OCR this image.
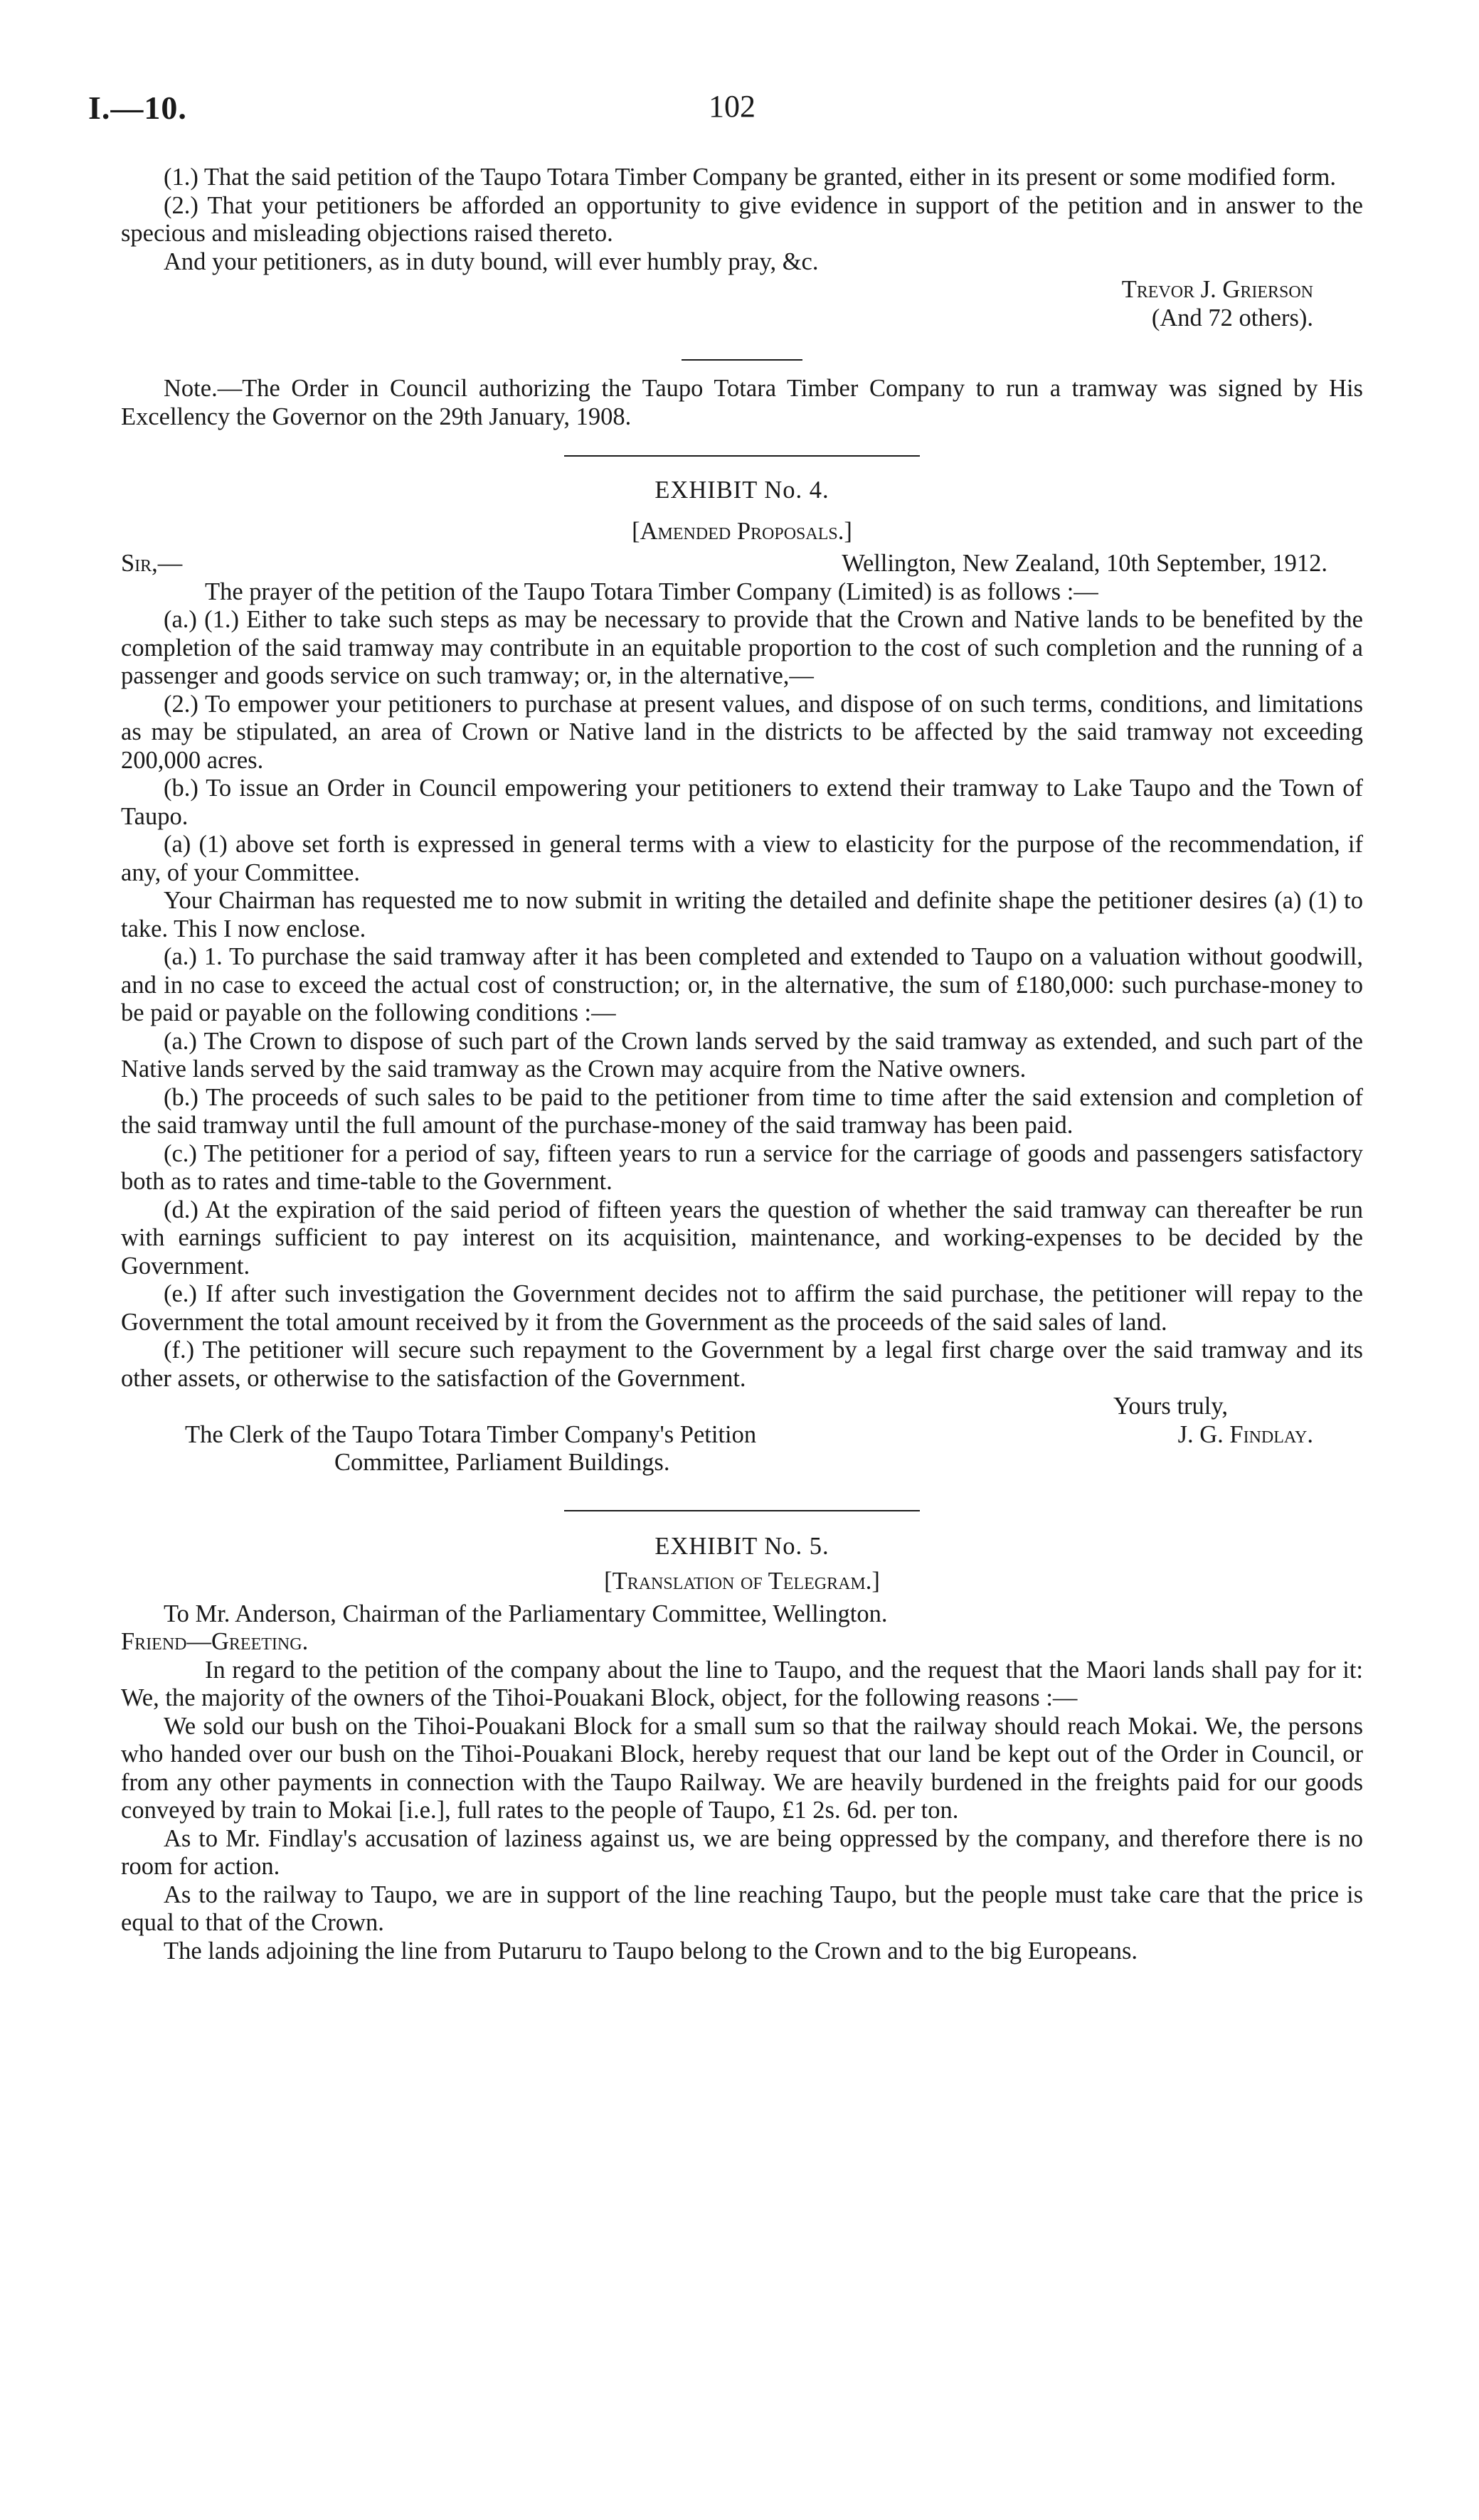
I.—10.	102

(1.) That the said petition of the Taupo Totara Timber Company be granted, either in its present or some modified form.

(2.) That your petitioners be afforded an opportunity to give evidence in support of the petition and in answer to the specious and misleading objections raised thereto.

And your petitioners, as in duty bound, will ever humbly pray, &c.

Trevor J. Grierson

(And 72 others).

Note.—The Order in Council authorizing the Taupo Totara Timber Company to run a tramway was signed by His Excellency the Governor on the 29th January, 1908.

EXHIBIT No. 4.

[Amended Proposals.]

Sir,—	Wellington, New Zealand, 10th September, 1912.

The prayer of the petition of the Taupo Totara Timber Company (Limited) is as follows :—

(a.) (1.) Either to take such steps as may be necessary to provide that the Crown and Native lands to be benefited by the completion of the said tramway may contribute in an equitable proportion to the cost of such completion and the running of a passenger and goods service on such tramway; or, in the alternative,—

(2.) To empower your petitioners to purchase at present values, and dispose of on such terms, conditions, and limitations as may be stipulated, an area of Crown or Native land in the districts to be affected by the said tramway not exceeding 200,000 acres.

(b.) To issue an Order in Council empowering your petitioners to extend their tramway to Lake Taupo and the Town of Taupo.

(a) (1) above set forth is expressed in general terms with a view to elasticity for the purpose of the recommendation, if any, of your Committee.

Your Chairman has requested me to now submit in writing the detailed and definite shape the petitioner desires (a) (1) to take. This I now enclose.

(a.) 1. To purchase the said tramway after it has been completed and extended to Taupo on a valuation without goodwill, and in no case to exceed the actual cost of construction; or, in the alternative, the sum of £180,000: such purchase-money to be paid or payable on the following conditions :—

(a.) The Crown to dispose of such part of the Crown lands served by the said tramway as extended, and such part of the Native lands served by the said tramway as the Crown may acquire from the Native owners.

(b.) The proceeds of such sales to be paid to the petitioner from time to time after the said extension and completion of the said tramway until the full amount of the purchase-money of the said tramway has been paid.

(c.) The petitioner for a period of say, fifteen years to run a service for the carriage of goods and passengers satisfactory both as to rates and time-table to the Government.

(d.) At the expiration of the said period of fifteen years the question of whether the said tramway can thereafter be run with earnings sufficient to pay interest on its acquisition, maintenance, and working-expenses to be decided by the Government.

(e.) If after such investigation the Government decides not to affirm the said purchase, the petitioner will repay to the Government the total amount received by it from the Government as the proceeds of the said sales of land.

(f.) The petitioner will secure such repayment to the Government by a legal first charge over the said tramway and its other assets, or otherwise to the satisfaction of the Government.

Yours truly,

The Clerk of the Taupo Totara Timber Company's Petition	J. G. Findlay.

Committee, Parliament Buildings.

EXHIBIT No. 5.

[Translation of Telegram.]

To Mr. Anderson, Chairman of the Parliamentary Committee, Wellington.

Friend—Greeting.

In regard to the petition of the company about the line to Taupo, and the request that the Maori lands shall pay for it: We, the majority of the owners of the Tihoi-Pouakani Block, object, for the following reasons :—

We sold our bush on the Tihoi-Pouakani Block for a small sum so that the railway should reach Mokai. We, the persons who handed over our bush on the Tihoi-Pouakani Block, hereby request that our land be kept out of the Order in Council, or from any other payments in connection with the Taupo Railway. We are heavily burdened in the freights paid for our goods conveyed by train to Mokai [i.e.], full rates to the people of Taupo, £1 2s. 6d. per ton.

As to Mr. Findlay's accusation of laziness against us, we are being oppressed by the company, and therefore there is no room for action.

As to the railway to Taupo, we are in support of the line reaching Taupo, but the people must take care that the price is equal to that of the Crown.

The lands adjoining the line from Putaruru to Taupo belong to the Crown and to the big Europeans.
